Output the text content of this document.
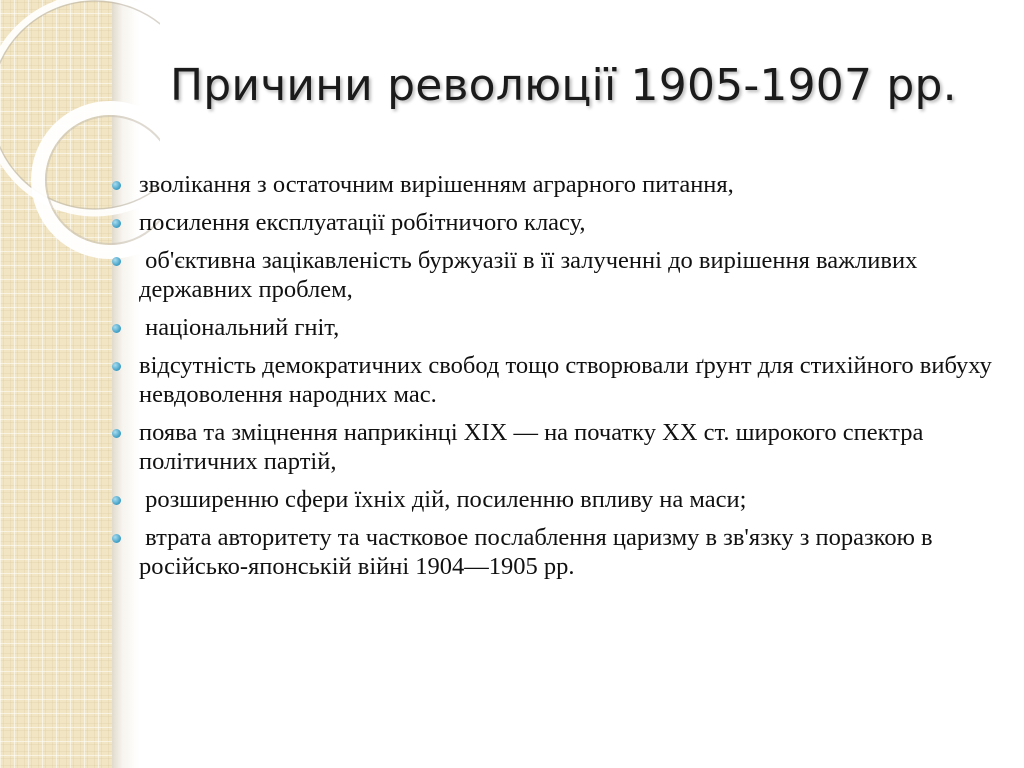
Причини революції 1905-1907 рр.
зволікання з остаточним вирішенням аграрного питання,
посилення експлуатації робітничого класу,
об'єктивна зацікавленість буржуазії в її залученні до вирішення важливих державних проблем,
національний гніт,
відсутність демократичних свобод тощо створювали ґрунт для стихійного вибуху невдоволення народних мас.
поява та зміцнення наприкінці XIX — на початку XX ст. широкого спектра політичних партій,
розширенню сфери їхніх дій, посиленню впливу на маси;
втрата авторитету та частковое послаблення царизму в зв'язку з поразкою в російсько-японській війні 1904—1905 рр.
